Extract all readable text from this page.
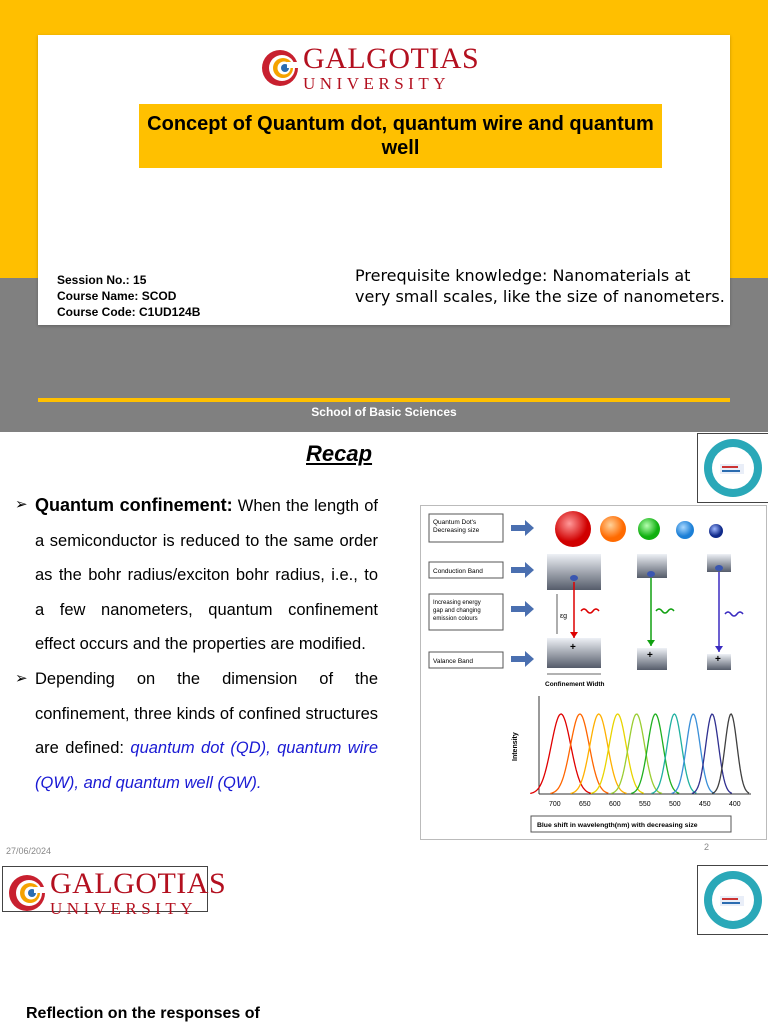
GALGOTIAS
UNIVERSITY
Concept of Quantum dot, quantum wire and quantum well
Session No.: 15
Course Name: SCOD
Course Code: C1UD124B
Prerequisite knowledge: Nanomaterials at very small scales, like the size of nanometers.
School of Basic Sciences
Recap
➢ Quantum confinement: When the length of a semiconductor is reduced to the same order as the bohr radius/exciton bohr radius, i.e., to a few nanometers, quantum confinement effect occurs and the properties are modified.
➢ Depending on the dimension of the confinement, three kinds of confined structures are defined: quantum dot (QD), quantum wire (QW), and quantum well (QW).
27/06/2024	2
Quantum Dot's Decreasing size
Conduction Band
Increasing energy gap and changing emission colours
Valance Band
+
+	+
εg
Confinement Width
Intensity
700	650	600	550	500	450	400
Blue shift in wavelength(nm) with decreasing size
GALGOTIAS
UNIVERSITY
Reflection on the responses of
